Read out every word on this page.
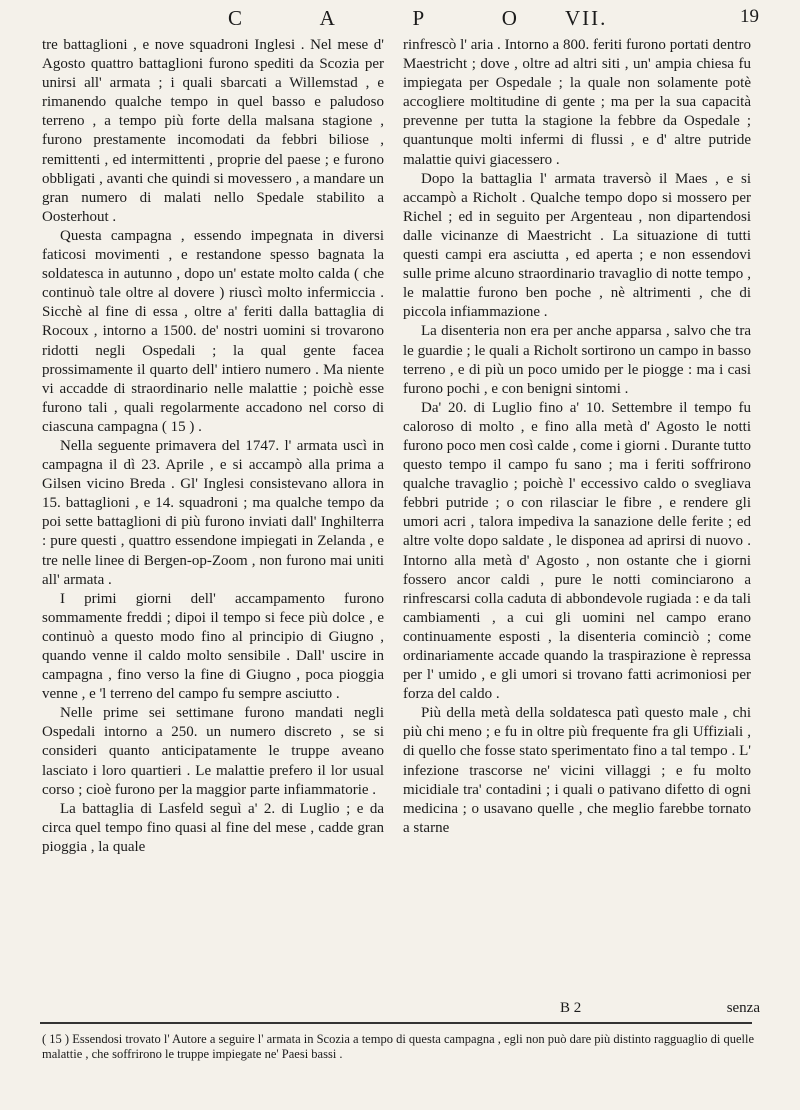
C	A	P	O VII.	19

tre battaglioni , e nove squadroni Inglesi . Nel mese d' Agosto quattro battaglioni furono spediti da Scozia per unirsi all' armata ; i quali sbarcati a Willemstad , e rimanendo qualche tempo in quel basso e paludoso terreno , a tempo più forte della malsana stagione , furono prestamente incomodati da febbri biliose , remittenti , ed intermittenti , proprie del paese ; e furono obbligati , avanti che quindi si movessero , a mandare un gran numero di malati nello Spedale stabilito a Oosterhout .

Questa campagna , essendo impegnata in diversi faticosi movimenti , e restandone spesso bagnata la soldatesca in autunno , dopo un' estate molto calda ( che continuò tale oltre al dovere ) riuscì molto infermiccia . Sicchè al fine di essa , oltre a' feriti dalla battaglia di Rocoux , intorno a 1500. de' nostri uomini si trovarono ridotti negli Ospedali ; la qual gente facea prossimamente il quarto dell' intiero numero . Ma niente vi accadde di straordinario nelle malattie ; poichè esse furono tali , quali regolarmente accadono nel corso di ciascuna campagna ( 15 ) .

Nella seguente primavera del 1747. l' armata uscì in campagna il dì 23. Aprile , e si accampò alla prima a Gilsen vicino Breda . Gl' Inglesi consistevano allora in 15. battaglioni , e 14. squadroni ; ma qualche tempo da poi sette battaglioni di più furono inviati dall' Inghilterra : pure questi , quattro essendone impiegati in Zelanda , e tre nelle linee di Bergen-op-Zoom , non furono mai uniti all' armata .

I primi giorni dell' accampamento furono sommamente freddi ; dipoi il tempo si fece più dolce , e continuò a questo modo fino al principio di Giugno , quando venne il caldo molto sensibile . Dall' uscire in campagna , fino verso la fine di Giugno , poca pioggia venne , e 'l terreno del campo fu sempre asciutto .

Nelle prime sei settimane furono mandati negli Ospedali intorno a 250. un numero discreto , se si consideri quanto anticipatamente le truppe aveano lasciato i loro quartieri . Le malattie prefero il lor usual corso ; cioè furono per la maggior parte infiammatorie .

La battaglia di Lasfeld seguì a' 2. di Luglio ; e da circa quel tempo fino quasi al fine del mese , cadde gran pioggia , la quale

rinfrescò l' aria . Intorno a 800. feriti furono portati dentro Maestricht ; dove , oltre ad altri siti , un' ampia chiesa fu impiegata per Ospedale ; la quale non solamente potè accogliere moltitudine di gente ; ma per la sua capacità prevenne per tutta la stagione la febbre da Ospedale ; quantunque molti infermi di flussi , e d' altre putride malattie quivi giacessero .

Dopo la battaglia l' armata traversò il Maes , e si accampò a Richolt . Qualche tempo dopo si mossero per Richel ; ed in seguito per Argenteau , non dipartendosi dalle vicinanze di Maestricht . La situazione di tutti questi campi era asciutta , ed aperta ; e non essendovi sulle prime alcuno straordinario travaglio di notte tempo , le malattie furono ben poche , nè altrimenti , che di piccola infiammazione .

La disenteria non era per anche apparsa , salvo che tra le guardie ; le quali a Richolt sortirono un campo in basso terreno , e di più un poco umido per le piogge : ma i casi furono pochi , e con benigni sintomi .

Da' 20. di Luglio fino a' 10. Settembre il tempo fu caloroso di molto , e fino alla metà d' Agosto le notti furono poco men così calde , come i giorni . Durante tutto questo tempo il campo fu sano ; ma i feriti soffrirono qualche travaglio ; poichè l' eccessivo caldo o svegliava febbri putride ; o con rilasciar le fibre , e rendere gli umori acri , talora impediva la sanazione delle ferite ; ed altre volte dopo saldate , le disponea ad aprirsi di nuovo . Intorno alla metà d' Agosto , non ostante che i giorni fossero ancor caldi , pure le notti cominciarono a rinfrescarsi colla caduta di abbondevole rugiada : e da tali cambiamenti , a cui gli uomini nel campo erano continuamente esposti , la disenteria cominciò ; come ordinariamente accade quando la traspirazione è repressa per l' umido , e gli umori si trovano fatti acrimoniosi per forza del caldo .

Più della metà della soldatesca patì questo male , chi più chi meno ; e fu in oltre più frequente fra gli Uffiziali , di quello che fosse stato sperimentato fino a tal tempo . L' infezione trascorse ne' vicini villaggi ; e fu molto micidiale tra' contadini ; i quali o pativano difetto di ogni medicina ; o usavano quelle , che meglio farebbe tornato a starne

B 2	senza
( 15 ) Essendosi trovato l' Autore a seguire l' armata in Scozia a tempo di questa campagna , egli non può dare più distinto ragguaglio di quelle malattie , che soffrirono le truppe impiegate ne' Paesi bassi .
